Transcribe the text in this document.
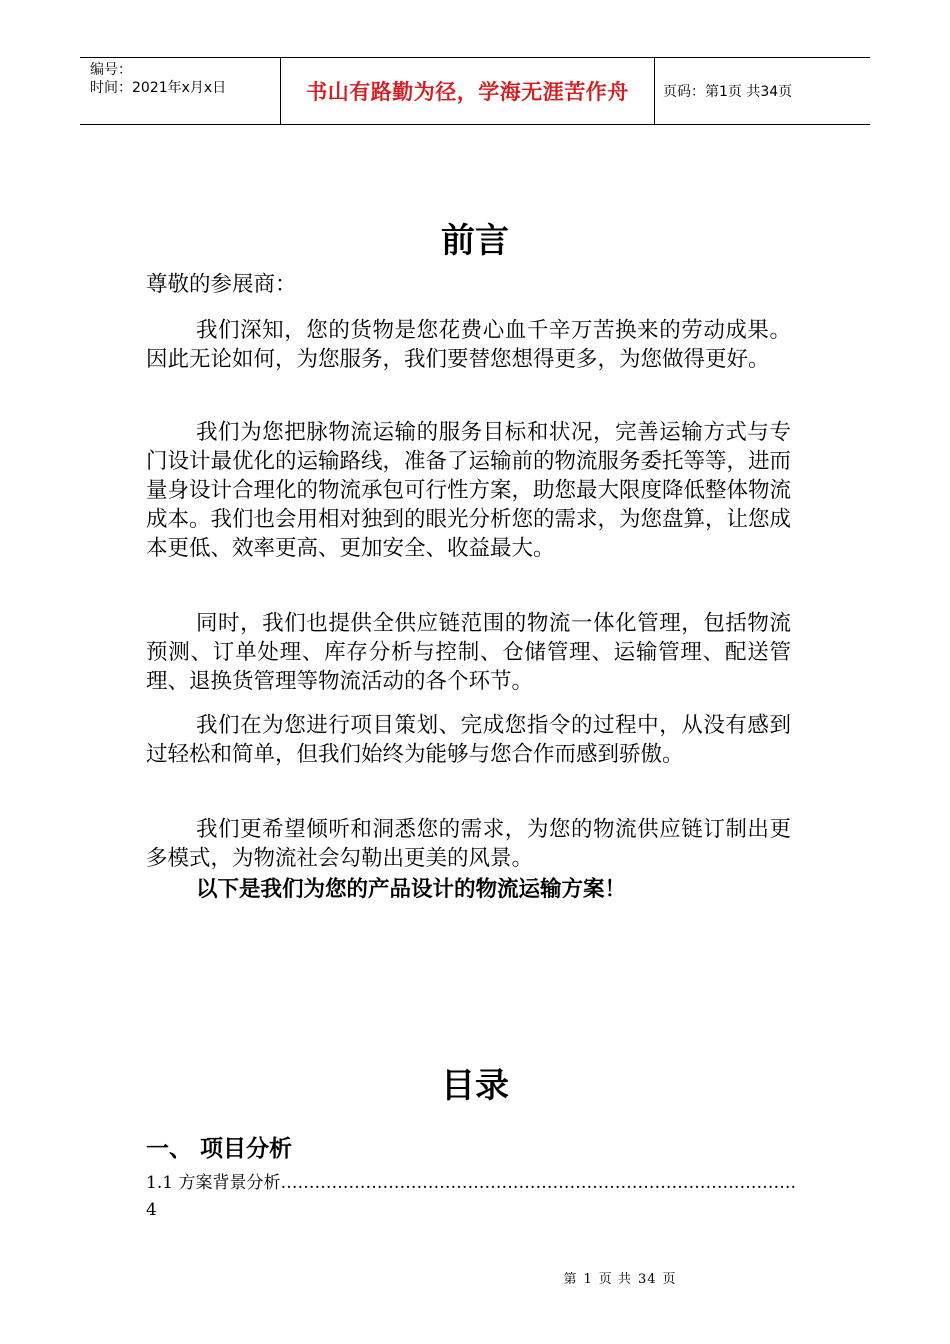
编号：
时间：2021年x月x日	书山有路勤为径，学海无涯苦作舟	页码：第1页 共34页
前言
尊敬的参展商：
我们深知，您的货物是您花费心血千辛万苦换来的劳动成果。因此无论如何，为您服务，我们要替您想得更多，为您做得更好。
我们为您把脉物流运输的服务目标和状况，完善运输方式与专门设计最优化的运输路线，准备了运输前的物流服务委托等等，进而量身设计合理化的物流承包可行性方案，助您最大限度降低整体物流成本。我们也会用相对独到的眼光分析您的需求，为您盘算，让您成本更低、效率更高、更加安全、收益最大。
同时，我们也提供全供应链范围的物流一体化管理，包括物流预测、订单处理、库存分析与控制、仓储管理、运输管理、配送管理、退换货管理等物流活动的各个环节。
我们在为您进行项目策划、完成您指令的过程中，从没有感到过轻松和简单，但我们始终为能够与您合作而感到骄傲。
我们更希望倾听和洞悉您的需求，为您的物流供应链订制出更多模式，为物流社会勾勒出更美的风景。
以下是我们为您的产品设计的物流运输方案！
目录
一、 项目分析
1.1 方案背景分析……………………………………………………………………………….4
第 1 页 共 34 页
